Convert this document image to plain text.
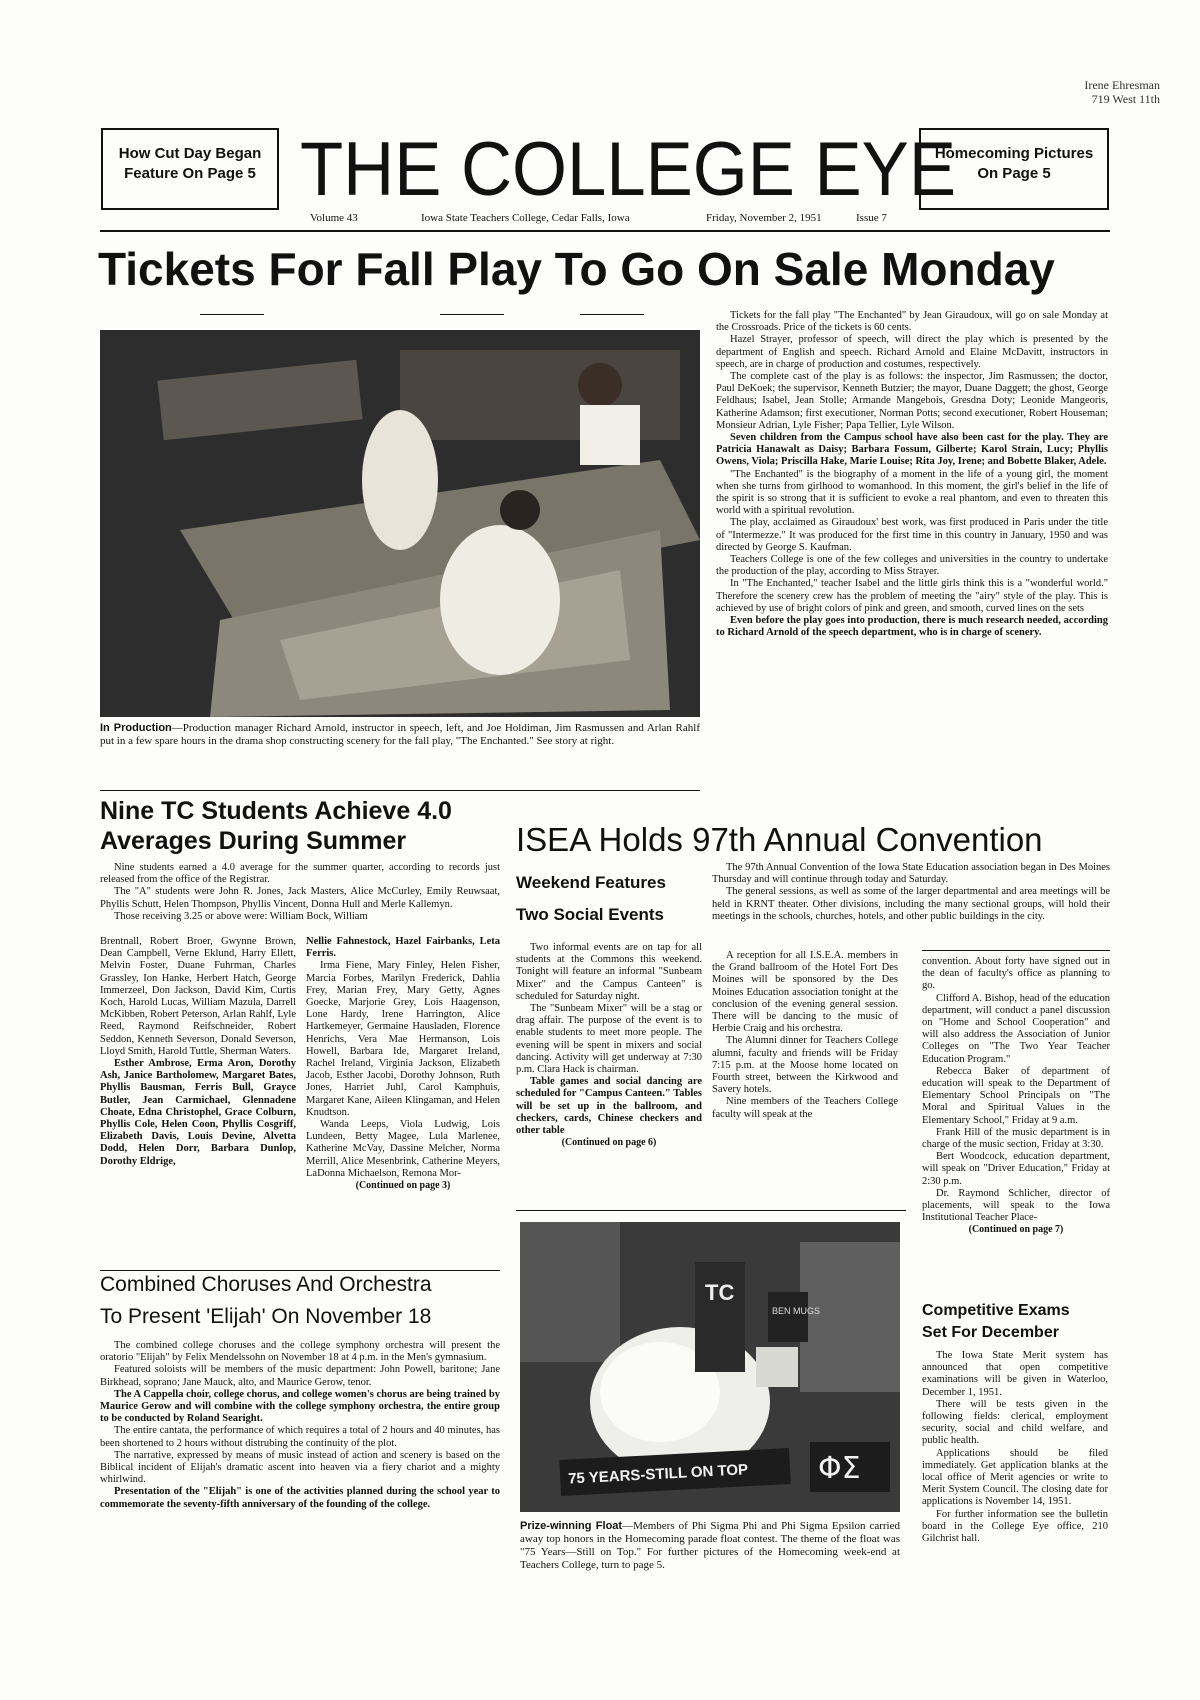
Irene Ehresman
719 West 11th
How Cut Day Began
Feature On Page 5
Homecoming Pictures
On Page 5
THE COLLEGE EYE
Volume 43	Iowa State Teachers College, Cedar Falls, Iowa	Friday, November 2, 1951	Issue 7
Tickets For Fall Play To Go On Sale Monday
In Production—Production manager Richard Arnold, instructor in speech, left, and Joe Holdiman, Jim Rasmussen and Arlan Rahlf put in a few spare hours in the drama shop constructing scenery for the fall play, "The Enchanted." See story at right.

Tickets for the fall play "The Enchanted" by Jean Giraudoux, will go on sale Monday at the Crossroads. Price of the tickets is 60 cents.

Hazel Strayer, professor of speech, will direct the play which is presented by the department of English and speech. Richard Arnold and Elaine McDavitt, instructors in speech, are in charge of production and costumes, respectively.

The complete cast of the play is as follows: the inspector, Jim Rasmussen; the doctor, Paul DeKoek; the supervisor, Kenneth Butzier; the mayor, Duane Daggett; the ghost, George Feldhaus; Isabel, Jean Stolle; Armande Mangebois, Gresdna Doty; Leonide Mangeoris, Katherine Adamson; first executioner, Norman Potts; second executioner, Robert Houseman; Monsieur Adrian, Lyle Fisher; Papa Tellier, Lyle Wilson.

Seven children from the Campus school have also been cast for the play. They are Patricia Hanawalt as Daisy; Barbara Fossum, Gilberte; Karol Strain, Lucy; Phyllis Owens, Viola; Priscilla Hake, Marie Louise; Rita Joy, Irene; and Bobette Blaker, Adele.

"The Enchanted" is the biography of a moment in the life of a young girl, the moment when she turns from girlhood to womanhood. In this moment, the girl's belief in the life of the spirit is so strong that it is sufficient to evoke a real phantom, and even to threaten this world with a spiritual revolution.

The play, acclaimed as Giraudoux' best work, was first produced in Paris under the title of "Intermezze." It was produced for the first time in this country in January, 1950 and was directed by George S. Kaufman.

Teachers College is one of the few colleges and universities in the country to undertake the production of the play, according to Miss Strayer.

In "The Enchanted," teacher Isabel and the little girls think this is a "wonderful world." Therefore the scenery crew has the problem of meeting the "airy" style of the play. This is achieved by use of bright colors of pink and green, and smooth, curved lines on the sets

Even before the play goes into production, there is much research needed, according to Richard Arnold of the speech department, who is in charge of scenery.

Nine TC Students Achieve 4.0
Averages During Summer

Nine students earned a 4.0 average for the summer quarter, according to records just released from the office of the Registrar.

The "A" students were John R. Jones, Jack Masters, Alice McCurley, Emily Reuwsaat, Phyllis Schutt, Helen Thompson, Phyllis Vincent, Donna Hull and Merle Kallemyn.

Those receiving 3.25 or above were: William Bock, William

Brentnall, Robert Broer, Gwynne Brown, Dean Campbell, Verne Eklund, Harry Ellett, Melvin Foster, Duane Fuhrman, Charles Grassley, Ion Hanke, Herbert Hatch, George Immerzeel, Don Jackson, David Kim, Curtis Koch, Harold Lucas, William Mazula, Darrell McKibben, Robert Peterson, Arlan Rahlf, Lyle Reed, Raymond Reifschneider, Robert Seddon, Kenneth Severson, Donald Severson, Lloyd Smith, Harold Tuttle, Sherman Waters.

Esther Ambrose, Erma Aron, Dorothy Ash, Janice Bartholomew, Margaret Bates, Phyllis Bausman, Ferris Bull, Grayce Butler, Jean Carmichael, Glennadene Choate, Edna Christophel, Grace Colburn, Phyllis Cole, Helen Coon, Phyllis Cosgriff, Elizabeth Davis, Louis Devine, Alvetta Dodd, Helen Dorr, Barbara Dunlop, Dorothy Eldrige,

Nellie Fahnestock, Hazel Fairbanks, Leta Ferris.

Irma Fiene, Mary Finley, Helen Fisher, Marcia Forbes, Marilyn Frederick, Dahlia Frey, Marian Frey, Mary Getty, Agnes Goecke, Marjorie Grey, Lois Haagenson, Lone Hardy, Irene Harrington, Alice Hartkemeyer, Germaine Hausladen, Florence Henrichs, Vera Mae Hermanson, Lois Howell, Barbara Ide, Margaret Ireland, Rachel Ireland, Virginia Jackson, Elizabeth Jacob, Esther Jacobi, Dorothy Johnson, Ruth Jones, Harriet Juhl, Carol Kamphuis, Margaret Kane, Aileen Klingaman, and Helen Knudtson.

Wanda Leeps, Viola Ludwig, Lois Lundeen, Betty Magee, Lula Marlenee, Katherine McVay, Dassine Melcher, Norma Merrill, Alice Mesenbrink, Catherine Meyers, LaDonna Michaelson, Remona Mor-

(Continued on page 3)
Combined Choruses And Orchestra
To Present 'Elijah' On November 18

The combined college choruses and the college symphony orchestra will present the oratorio "Elijah" by Felix Mendelssohn on November 18 at 4 p.m. in the Men's gymnasium.

Featured soloists will be members of the music department: John Powell, baritone; Jane Birkhead, soprano; Jane Mauck, alto, and Maurice Gerow, tenor.

The A Cappella choir, college chorus, and college women's chorus are being trained by Maurice Gerow and will combine with the college symphony orchestra, the entire group to be conducted by Roland Searight.

The entire cantata, the performance of which requires a total of 2 hours and 40 minutes, has been shortened to 2 hours without distrubing the continuity of the plot.

The narrative, expressed by means of music instead of action and scenery is based on the Biblical incident of Elijah's dramatic ascent into heaven via a fiery chariot and a mighty whirlwind.

Presentation of the "Elijah" is one of the activities planned during the school year to commemorate the seventy-fifth anniversary of the founding of the college.

ISEA Holds 97th Annual Convention
Weekend Features
Two Social Events

Two informal events are on tap for all students at the Commons this weekend. Tonight will feature an informal "Sunbeam Mixer" and the Campus Canteen" is scheduled for Saturday night.

The "Sunbeam Mixer" will be a stag or drag affair. The purpose of the event is to enable students to meet more people. The evening will be spent in mixers and social dancing. Activity will get underway at 7:30 p.m. Clara Hack is chairman.

Table games and social dancing are scheduled for "Campus Canteen." Tables will be set up in the ballroom, and checkers, cards, Chinese checkers and other table

(Continued on page 6)

The 97th Annual Convention of the Iowa State Education association began in Des Moines Thursday and will continue through today and Saturday.

The general sessions, as well as some of the larger departmental and area meetings will be held in KRNT theater. Other divisions, including the many sectional groups, will hold their meetings in the schools, churches, hotels, and other public buildings in the city.

A reception for all I.S.E.A. members in the Grand ballroom of the Hotel Fort Des Moines will be sponsored by the Des Moines Education association tonight at the conclusion of the evening general session. There will be dancing to the music of Herbie Craig and his orchestra.

The Alumni dinner for Teachers College alumni, faculty and friends will be Friday 7:15 p.m. at the Moose home located on Fourth street, between the Kirkwood and Savery hotels.

Nine members of the Teachers College faculty will speak at the

convention. About forty have signed out in the dean of faculty's office as planning to go.

Clifford A. Bishop, head of the education department, will conduct a panel discussion on "Home and School Cooperation" and will also address the Association of Junior Colleges on "The Two Year Teacher Education Program."

Rebecca Baker of department of education will speak to the Department of Elementary School Principals on "The Moral and Spiritual Values in the Elementary School," Friday at 9 a.m.

Frank Hill of the music department is in charge of the music section, Friday at 3:30.

Bert Woodcock, education department, will speak on "Driver Education," Friday at 2:30 p.m.

Dr. Raymond Schlicher, director of placements, will speak to the Iowa Institutional Teacher Place-

(Continued on page 7)
BEN MUGS
TC
75 YEARS-STILL ON TOP ΦΣ
Prize-winning Float—Members of Phi Sigma Phi and Phi Sigma Epsilon carried away top honors in the Homecoming parade float contest. The theme of the float was "75 Years—Still on Top." For further pictures of the Homecoming week-end at Teachers College, turn to page 5.
Competitive Exams
Set For December

The Iowa State Merit system has announced that open competitive examinations will be given in Waterloo, December 1, 1951.

There will be tests given in the following fields: clerical, employment security, social and child welfare, and public health.

Applications should be filed immediately. Get application blanks at the local office of Merit agencies or write to Merit System Council. The closing date for applications is November 14, 1951.

For further information see the bulletin board in the College Eye office, 210 Gilchrist hall.
